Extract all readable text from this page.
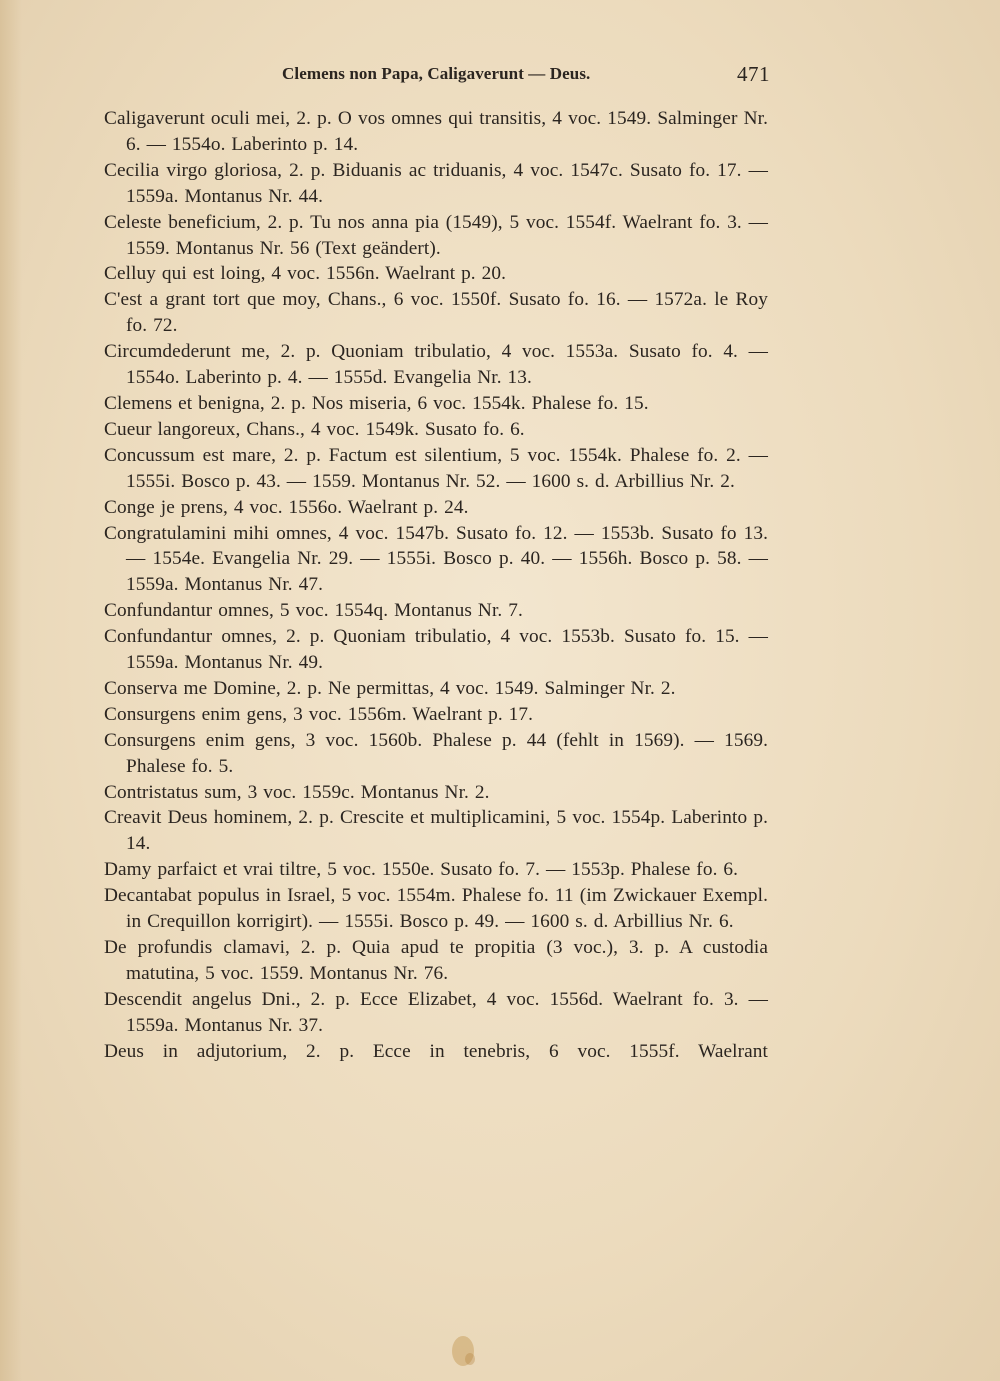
Clemens non Papa, Caligaverunt — Deus.	471
Caligaverunt oculi mei, 2. p. O vos omnes qui transitis, 4 voc. 1549. Salminger Nr. 6. — 1554o. Laberinto p. 14.
Cecilia virgo gloriosa, 2. p. Biduanis ac triduanis, 4 voc. 1547c. Susato fo. 17. — 1559a. Montanus Nr. 44.
Celeste beneficium, 2. p. Tu nos anna pia (1549), 5 voc. 1554f. Waelrant fo. 3. — 1559. Montanus Nr. 56 (Text geändert).
Celluy qui est loing, 4 voc. 1556n. Waelrant p. 20.
C'est a grant tort que moy, Chans., 6 voc. 1550f. Susato fo. 16. — 1572a. le Roy fo. 72.
Circumdederunt me, 2. p. Quoniam tribulatio, 4 voc. 1553a. Susato fo. 4. — 1554o. Laberinto p. 4. — 1555d. Evangelia Nr. 13.
Clemens et benigna, 2. p. Nos miseria, 6 voc. 1554k. Phalese fo. 15.
Cueur langoreux, Chans., 4 voc. 1549k. Susato fo. 6.
Concussum est mare, 2. p. Factum est silentium, 5 voc. 1554k. Phalese fo. 2. — 1555i. Bosco p. 43. — 1559. Montanus Nr. 52. — 1600 s. d. Arbillius Nr. 2.
Conge je prens, 4 voc. 1556o. Waelrant p. 24.
Congratulamini mihi omnes, 4 voc. 1547b. Susato fo. 12. — 1553b. Susato fo 13. — 1554e. Evangelia Nr. 29. — 1555i. Bosco p. 40. — 1556h. Bosco p. 58. — 1559a. Montanus Nr. 47.
Confundantur omnes, 5 voc. 1554q. Montanus Nr. 7.
Confundantur omnes, 2. p. Quoniam tribulatio, 4 voc. 1553b. Susato fo. 15. — 1559a. Montanus Nr. 49.
Conserva me Domine, 2. p. Ne permittas, 4 voc. 1549. Salminger Nr. 2.
Consurgens enim gens, 3 voc. 1556m. Waelrant p. 17.
Consurgens enim gens, 3 voc. 1560b. Phalese p. 44 (fehlt in 1569). — 1569. Phalese fo. 5.
Contristatus sum, 3 voc. 1559c. Montanus Nr. 2.
Creavit Deus hominem, 2. p. Crescite et multiplicamini, 5 voc. 1554p. Laberinto p. 14.
Damy parfaict et vrai tiltre, 5 voc. 1550e. Susato fo. 7. — 1553p. Phalese fo. 6.
Decantabat populus in Israel, 5 voc. 1554m. Phalese fo. 11 (im Zwickauer Exempl. in Crequillon korrigirt). — 1555i. Bosco p. 49. — 1600 s. d. Arbillius Nr. 6.
De profundis clamavi, 2. p. Quia apud te propitia (3 voc.), 3. p. A custodia matutina, 5 voc. 1559. Montanus Nr. 76.
Descendit angelus Dni., 2. p. Ecce Elizabet, 4 voc. 1556d. Waelrant fo. 3. — 1559a. Montanus Nr. 37.
Deus in adjutorium, 2. p. Ecce in tenebris, 6 voc. 1555f. Waelrant
